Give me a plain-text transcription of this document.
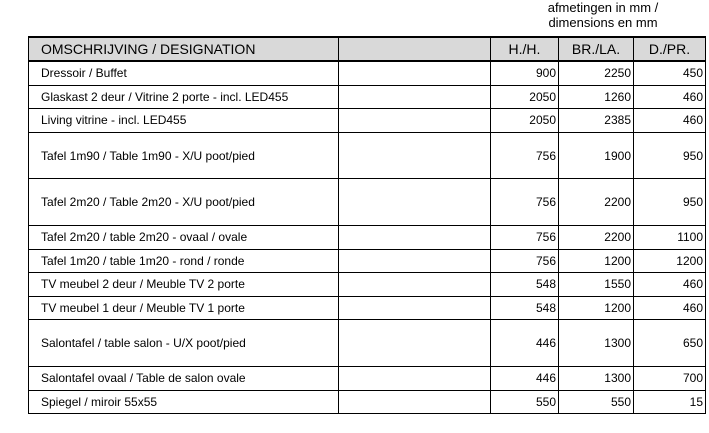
afmetingen in mm /
dimensions en mm
OMSCHRIJVING / DESIGNATION		H./H.	BR./LA.	D./PR.
Dressoir / Buffet		900	2250	450
Glaskast 2 deur / Vitrine 2 porte - incl. LED455		2050	1260	460
Living vitrine - incl. LED455		2050	2385	460
Tafel 1m90 / Table 1m90 - X/U poot/pied		756	1900	950
Tafel 2m20 / Table 2m20 - X/U poot/pied		756	2200	950
Tafel 2m20 / table 2m20 - ovaal / ovale		756	2200	1100
Tafel 1m20 / table 1m20 - rond / ronde		756	1200	1200
TV meubel 2 deur / Meuble TV 2 porte		548	1550	460
TV meubel 1 deur / Meuble TV 1 porte		548	1200	460
Salontafel / table salon - U/X poot/pied		446	1300	650
Salontafel ovaal / Table de salon ovale		446	1300	700
Spiegel / miroir 55x55		550	550	15
